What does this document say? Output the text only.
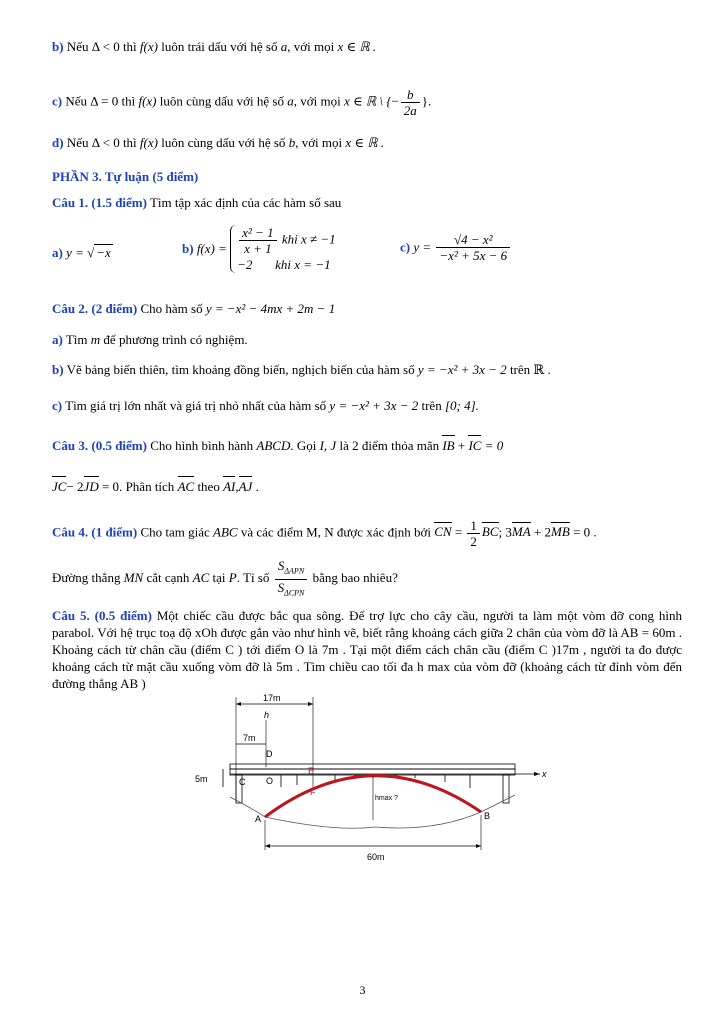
b) Nếu Δ < 0 thì f(x) luôn trái dấu với hệ số a, với mọi x ∈ ℝ .
c) Nếu Δ = 0 thì f(x) luôn cùng dấu với hệ số a, với mọi x ∈ ℝ \ {− $\frac{b}{2a}$ }.
d) Nếu Δ < 0 thì f(x) luôn cùng dấu với hệ số b, với mọi x ∈ ℝ .
PHẦN 3. Tự luận (5 điểm)
Câu 1. (1.5 điểm) Tìm tập xác định của các hàm số sau
a) y = √ −x	b) $f(x) = \frac{\text{x² − 1}}{x + 1}$ khi x ≠ −1
−2 khi x = −1
c) $y = \frac{\text{√4 − x²}}{\text{−x² + 5x − 6}}$
Câu 2. (2 điểm) Cho hàm số y = −x² − 4mx + 2m − 1
a) Tìm m để phương trình có nghiệm.
b) Vẽ bảng biến thiên, tìm khoảng đồng biến, nghịch biến của hàm số y = −x² + 3x − 2 trên ℝ .
c) Tìm giá trị lớn nhất và giá trị nhỏ nhất của hàm số y = −x² + 3x − 2 trên [0; 4].
Câu 3. (0.5 điểm) Cho hình bình hành ABCD. Gọi I, J là 2 điểm thỏa mãn IB + IC = 0
JC− 2JD = 0. Phân tích AC theo AI,AJ .
Câu 4. (1 điểm) Cho tam giác ABC và các điểm M, N được xác định bởi CN = $\frac{1}{2}$ BC; 3MA + 2MB = 0 .
Đường thẳng MN cắt cạnh AC tại P. Tỉ số $\frac{S_{\Delta APN}}{S_{\Delta CPN}}$ bằng bao nhiêu?
Câu 5. (0.5 điểm) Một chiếc cầu được bắc qua sông. Để trợ lực cho cây cầu, người ta làm một vòm đỡ cong hình parabol. Với hệ trục toạ độ xOh được gắn vào như hình vẽ, biết rằng khoảng cách giữa 2 chân của vòm đỡ là AB = 60m . Khoảng cách từ chân cầu (điểm C ) tới điểm O là 7m . Tại một điểm cách chân cầu (điểm C )17m , người ta đo được khoảng cách từ mặt cầu xuống vòm đỡ là 5m . Tìm chiều cao tối đa h max của vòm đỡ (khoảng cách từ đỉnh vòm đến đường thẳng AB )
17m
h
7m
D
x
5m	C O
E
F
A	B
hmax ?
60m
3
